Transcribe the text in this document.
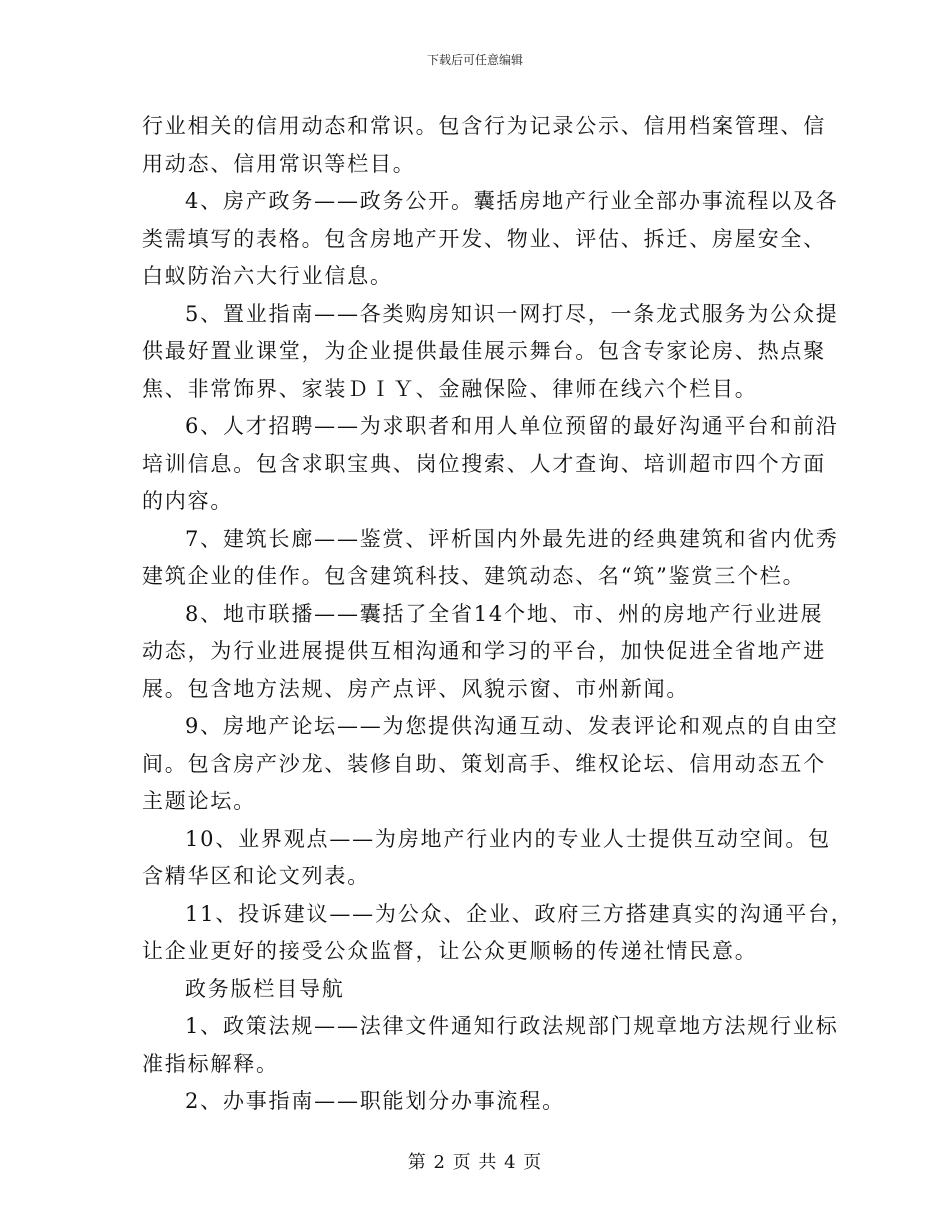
下载后可任意编辑
行业相关的信用动态和常识。包含行为记录公示、信用档案管理、信
用动态、信用常识等栏目。
4、房产政务——政务公开。囊括房地产行业全部办事流程以及各
类需填写的表格。包含房地产开发、物业、评估、拆迁、房屋安全、
白蚁防治六大行业信息。
5、置业指南——各类购房知识一网打尽，一条龙式服务为公众提
供最好置业课堂，为企业提供最佳展示舞台。包含专家论房、热点聚
焦、非常饰界、家装ＤＩＹ、金融保险、律师在线六个栏目。
6、人才招聘——为求职者和用人单位预留的最好沟通平台和前沿
培训信息。包含求职宝典、岗位搜索、人才查询、培训超市四个方面
的内容。
7、建筑长廊——鉴赏、评析国内外最先进的经典建筑和省内优秀
建筑企业的佳作。包含建筑科技、建筑动态、名“筑”鉴赏三个栏。
8、地市联播——囊括了全省14个地、市、州的房地产行业进展
动态，为行业进展提供互相沟通和学习的平台，加快促进全省地产进
展。包含地方法规、房产点评、风貌示窗、市州新闻。
9、房地产论坛——为您提供沟通互动、发表评论和观点的自由空
间。包含房产沙龙、装修自助、策划高手、维权论坛、信用动态五个
主题论坛。
10、业界观点——为房地产行业内的专业人士提供互动空间。包
含精华区和论文列表。
11、投诉建议——为公众、企业、政府三方搭建真实的沟通平台，
让企业更好的接受公众监督，让公众更顺畅的传递社情民意。
政务版栏目导航
1、政策法规——法律文件通知行政法规部门规章地方法规行业标
准指标解释。
2、办事指南——职能划分办事流程。
第 2 页 共 4 页
